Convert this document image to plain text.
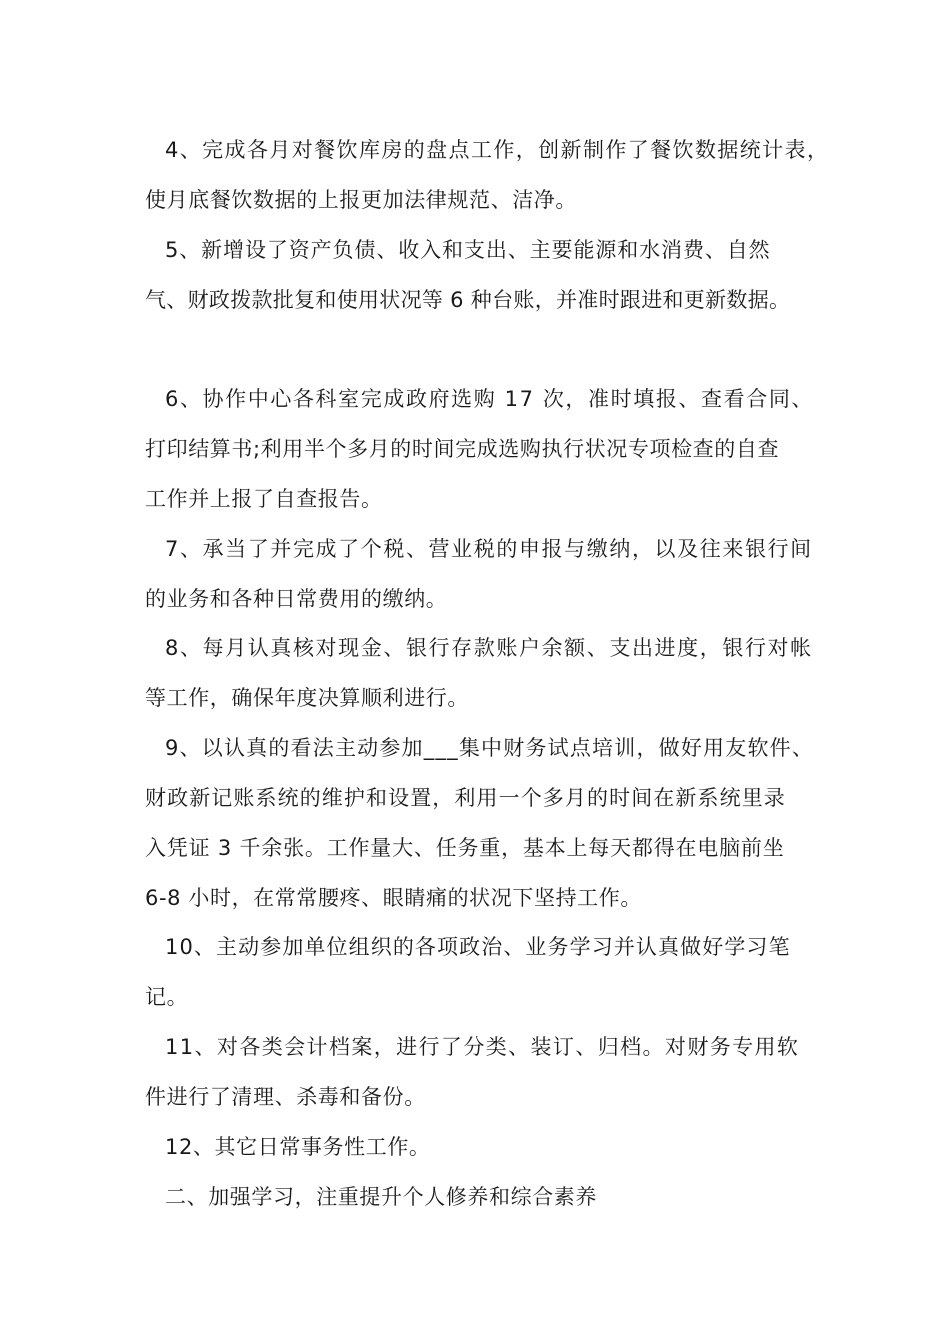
4、完成各月对餐饮库房的盘点工作，创新制作了餐饮数据统计表，
使月底餐饮数据的上报更加法律规范、洁净。
5、新增设了资产负债、收入和支出、主要能源和水消费、自然
气、财政拨款批复和使用状况等 6 种台账，并准时跟进和更新数据。
6、协作中心各科室完成政府选购 17 次，准时填报、查看合同、
打印结算书;利用半个多月的时间完成选购执行状况专项检查的自查
工作并上报了自查报告。
7、承当了并完成了个税、营业税的申报与缴纳，以及往来银行间
的业务和各种日常费用的缴纳。
8、每月认真核对现金、银行存款账户余额、支出进度，银行对帐
等工作，确保年度决算顺利进行。
9、以认真的看法主动参加___集中财务试点培训，做好用友软件、
财政新记账系统的维护和设置，利用一个多月的时间在新系统里录
入凭证 3 千余张。工作量大、任务重，基本上每天都得在电脑前坐
6-8 小时，在常常腰疼、眼睛痛的状况下坚持工作。
10、主动参加单位组织的各项政治、业务学习并认真做好学习笔
记。
11、对各类会计档案，进行了分类、装订、归档。对财务专用软
件进行了清理、杀毒和备份。
12、其它日常事务性工作。
二、加强学习，注重提升个人修养和综合素养
